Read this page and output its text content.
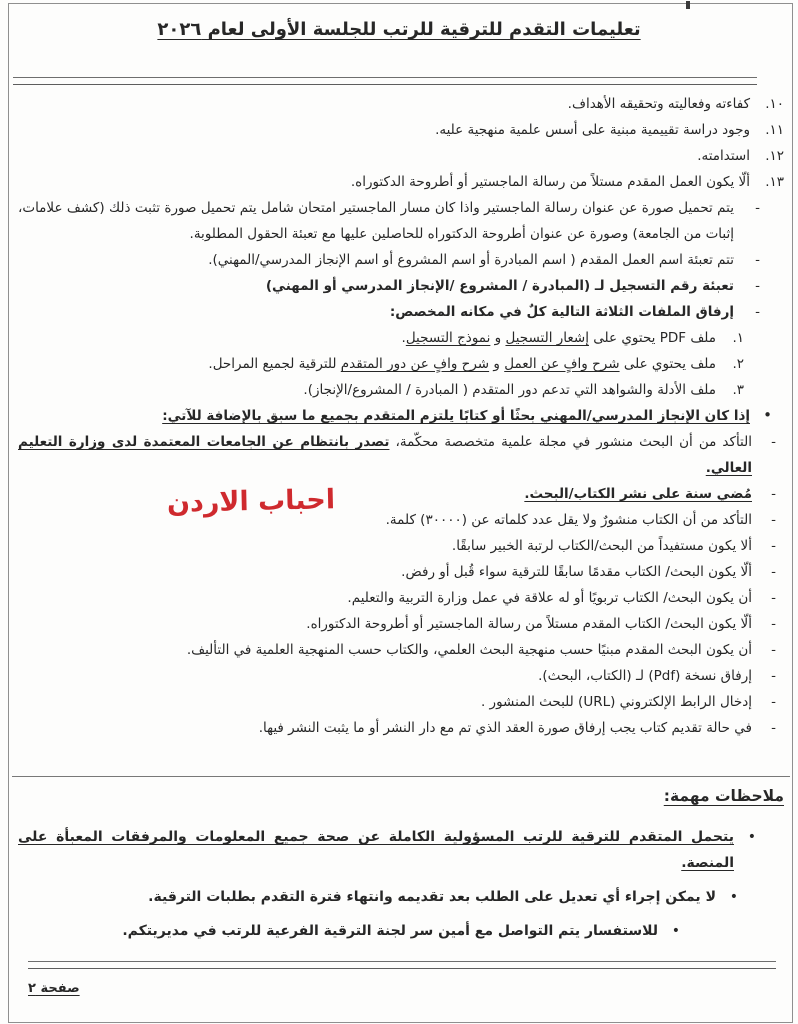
تعليمات التقدم للترقية للرتب للجلسة الأولى لعام ٢٠٢٦
١٠.
كفاءته وفعاليته وتحقيقه الأهداف.
١١.
وجود دراسة تقييمية مبنية على أسس علمية منهجية عليه.
١٢.
استدامته.
١٣.
ألّا يكون العمل المقدم مستلاً من رسالة الماجستير أو أطروحة الدكتوراه.
-
يتم تحميل صورة عن عنوان رسالة الماجستير واذا كان مسار الماجستير امتحان شامل يتم تحميل صورة تثبت ذلك (كشف علامات، إثبات من الجامعة) وصورة عن عنوان أطروحة الدكتوراه للحاصلين عليها مع تعبئة الحقول المطلوبة.
-
تتم تعبئة اسم العمل المقدم ( اسم المبادرة أو اسم المشروع أو اسم الإنجاز المدرسي/المهني).
-
تعبئة رقم التسجيل لـ (المبادرة / المشروع /الإنجاز المدرسي أو المهني)
-
إرفاق الملفات الثلاثة التالية كلٌ في مكانه المخصص:
١.
ملف PDF يحتوي على إشعار التسجيل و نموذج التسجيل.
٢.
ملف يحتوي على شرح وافٍ عن العمل و شرح وافٍ عن دور المتقدم للترقية لجميع المراحل.
٣.
ملف الأدلة والشواهد التي تدعم دور المتقدم ( المبادرة / المشروع/الإنجاز).
•
إذا كان الإنجاز المدرسي/المهني بحثًا أو كتابًا يلتزم المتقدم بجميع ما سبق بالإضافة للآتي:
-
التأكد من أن البحث منشور في مجلة علمية متخصصة محكّمة، تصدر بانتظام عن الجامعات المعتمدة لدى وزارة التعليم العالي.
-
مُضي سنة على نشر الكتاب/البحث.
-
التأكد من أن الكتاب منشورٌ ولا يقل عدد كلماته عن (٣٠٠٠٠) كلمة.
-
ألا يكون مستفيداً من البحث/الكتاب لرتبة الخبير سابقًا.
-
ألّا يكون البحث/ الكتاب مقدمًا سابقًا للترقية سواء قُبل أو رفض.
-
أن يكون البحث/ الكتاب تربويًا أو له علاقة في عمل وزارة التربية والتعليم.
-
ألّا يكون البحث/ الكتاب المقدم مستلاً من رسالة الماجستير أو أطروحة الدكتوراه.
-
أن يكون البحث المقدم مبنيًا حسب منهجية البحث العلمي، والكتاب حسب المنهجية العلمية في التأليف.
-
إرفاق نسخة (Pdf) لـ (الكتاب، البحث).
-
إدخال الرابط الإلكتروني (URL) للبحث المنشور .
-
في حالة تقديم كتاب يجب إرفاق صورة العقد الذي تم مع دار النشر أو ما يثبت النشر فيها.
احباب الاردن
ملاحظات مهمة:
•
يتحمل المتقدم للترقية للرتب المسؤولية الكاملة عن صحة جميع المعلومات والمرفقات المعبأة على المنصة.
•
لا يمكن إجراء أي تعديل على الطلب بعد تقديمه وانتهاء فترة التقدم بطلبات الترقية.
•
للاستفسار يتم التواصل مع أمين سر لجنة الترقية الفرعية للرتب في مديريتكم.
صفحة ٢
